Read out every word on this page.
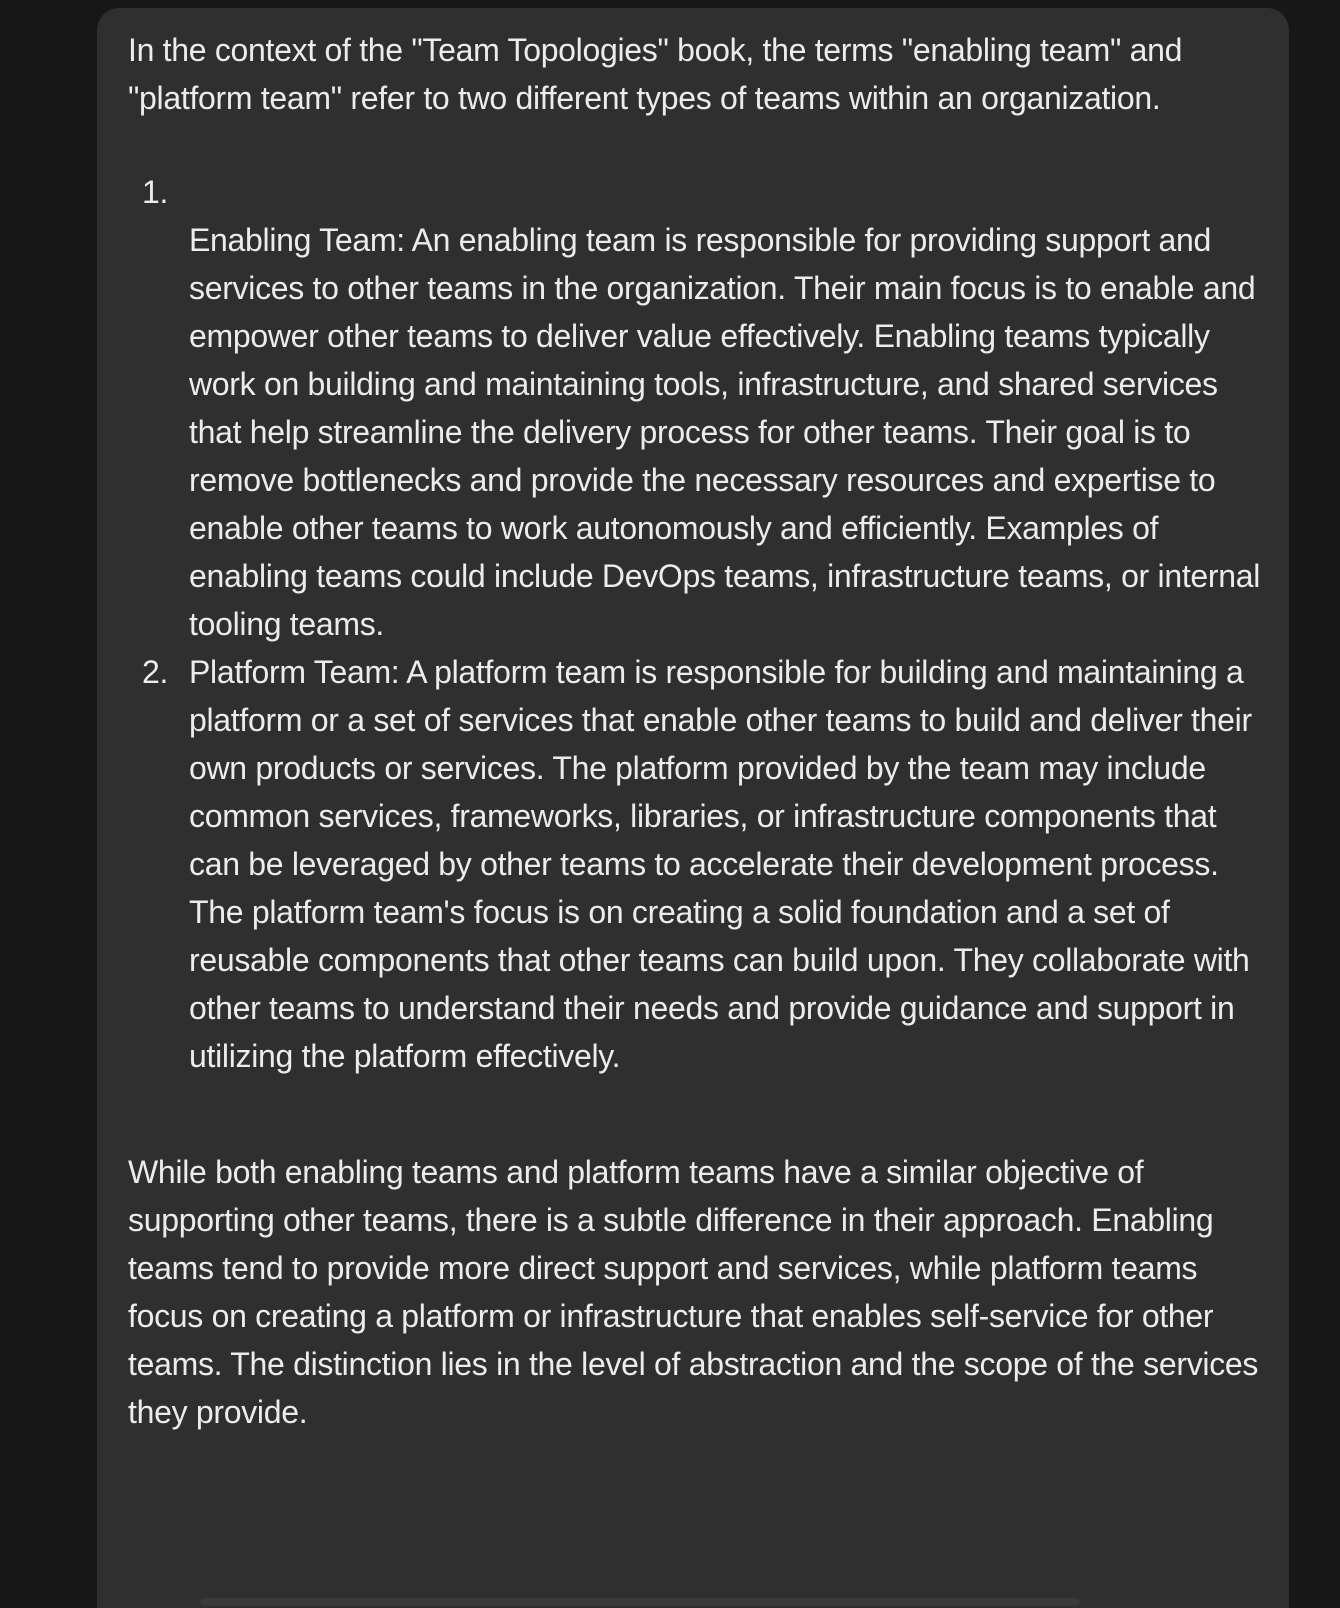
In the context of the "Team Topologies" book, the terms "enabling team" and "platform team" refer to two different types of teams within an organization.

1.
Enabling Team: An enabling team is responsible for providing support and services to other teams in the organization. Their main focus is to enable and empower other teams to deliver value effectively. Enabling teams typically work on building and maintaining tools, infrastructure, and shared services that help streamline the delivery process for other teams. Their goal is to remove bottlenecks and provide the necessary resources and expertise to enable other teams to work autonomously and efficiently. Examples of enabling teams could include DevOps teams, infrastructure teams, or internal tooling teams.
2. Platform Team: A platform team is responsible for building and maintaining a platform or a set of services that enable other teams to build and deliver their own products or services. The platform provided by the team may include common services, frameworks, libraries, or infrastructure components that can be leveraged by other teams to accelerate their development process. The platform team's focus is on creating a solid foundation and a set of reusable components that other teams can build upon. They collaborate with other teams to understand their needs and provide guidance and support in utilizing the platform effectively.

While both enabling teams and platform teams have a similar objective of supporting other teams, there is a subtle difference in their approach. Enabling teams tend to provide more direct support and services, while platform teams focus on creating a platform or infrastructure that enables self-service for other teams. The distinction lies in the level of abstraction and the scope of the services they provide.
